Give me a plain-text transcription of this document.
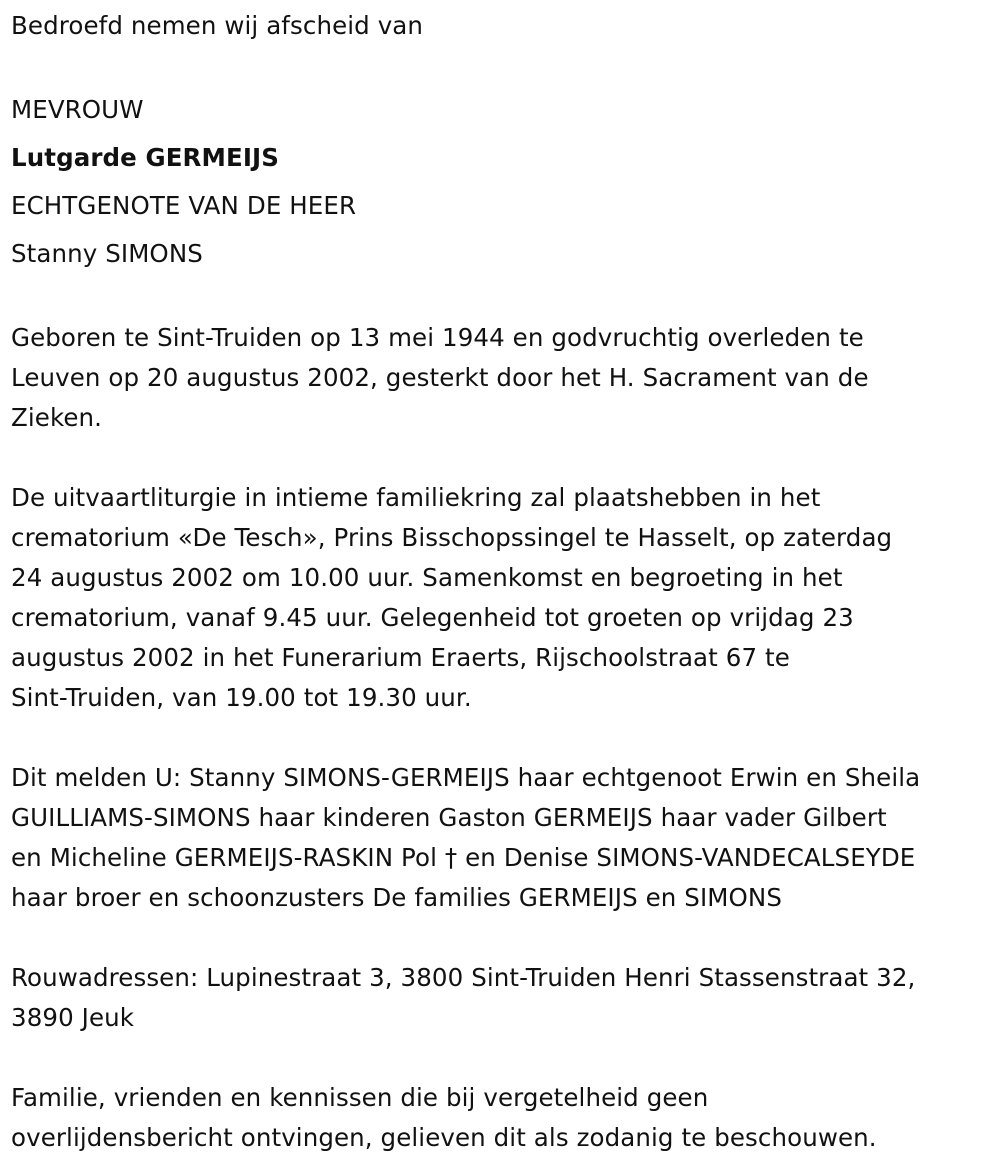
Bedroefd nemen wij afscheid van
MEVROUW
Lutgarde GERMEIJS
ECHTGENOTE VAN DE HEER
Stanny SIMONS
Geboren te Sint-Truiden op 13 mei 1944 en godvruchtig overleden te
Leuven op 20 augustus 2002, gesterkt door het H. Sacrament van de
Zieken.
De uitvaartliturgie in intieme familiekring zal plaatshebben in het
crematorium «De Tesch», Prins Bisschopssingel te Hasselt, op zaterdag
24 augustus 2002 om 10.00 uur. Samenkomst en begroeting in het
crematorium, vanaf 9.45 uur. Gelegenheid tot groeten op vrijdag 23
augustus 2002 in het Funerarium Eraerts, Rijschoolstraat 67 te
Sint-Truiden, van 19.00 tot 19.30 uur.
Dit melden U: Stanny SIMONS-GERMEIJS haar echtgenoot Erwin en Sheila
GUILLIAMS-SIMONS haar kinderen Gaston GERMEIJS haar vader Gilbert
en Micheline GERMEIJS-RASKIN Pol † en Denise SIMONS-VANDECALSEYDE
haar broer en schoonzusters De families GERMEIJS en SIMONS
Rouwadressen: Lupinestraat 3, 3800 Sint-Truiden Henri Stassenstraat 32,
3890 Jeuk
Familie, vrienden en kennissen die bij vergetelheid geen
overlijdensbericht ontvingen, gelieven dit als zodanig te beschouwen.
